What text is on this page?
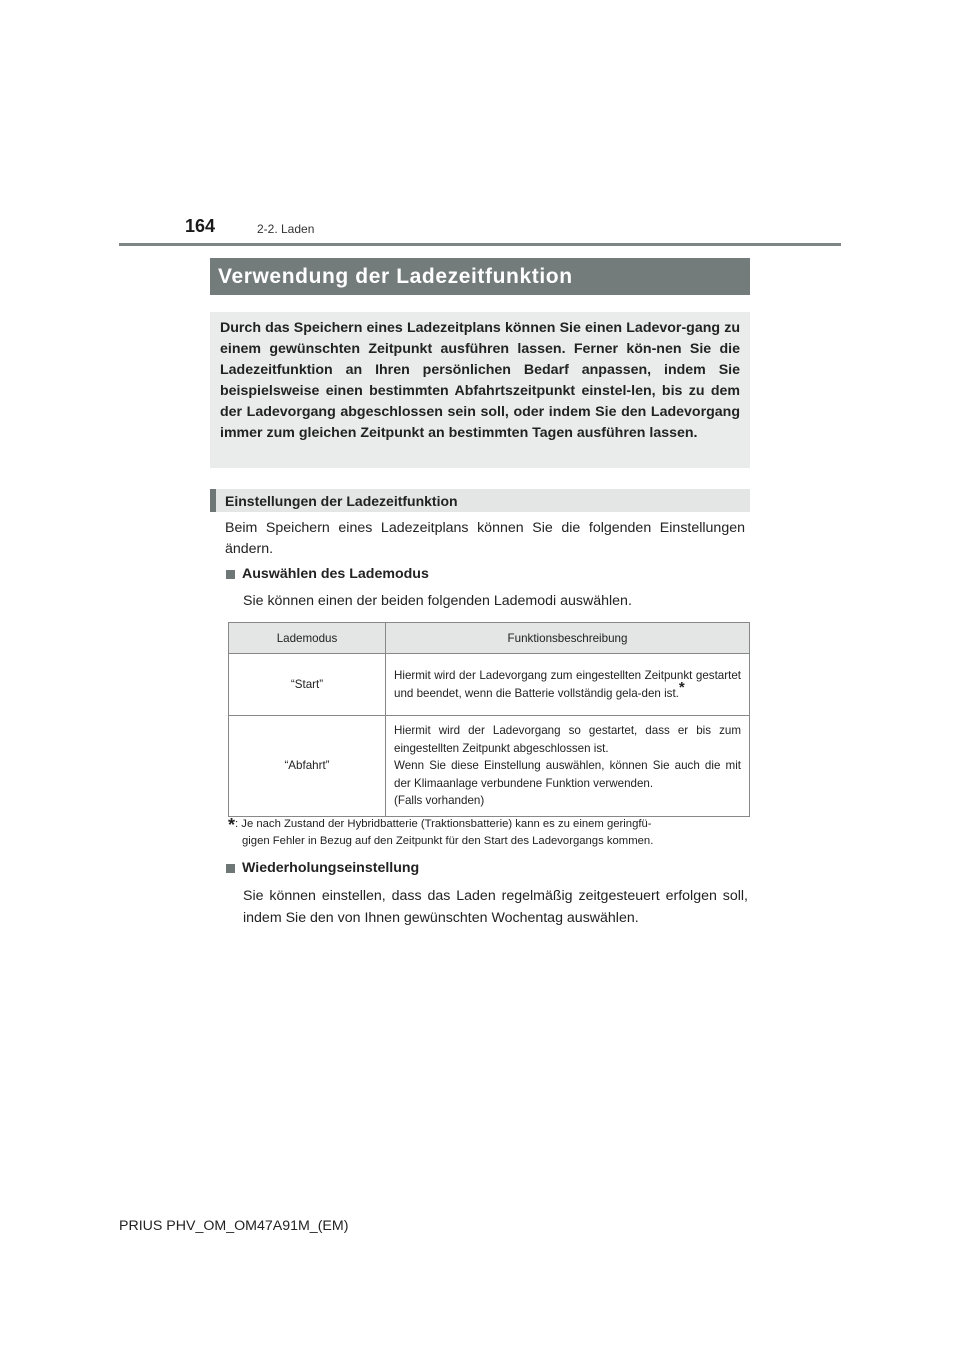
164	2-2. Laden
Verwendung der Ladezeitfunktion

Durch das Speichern eines Ladezeitplans können Sie einen Ladevor-gang zu einem gewünschten Zeitpunkt ausführen lassen. Ferner kön-nen Sie die Ladezeitfunktion an Ihren persönlichen Bedarf anpassen, indem Sie beispielsweise einen bestimmten Abfahrtszeitpunkt einstel-len, bis zu dem der Ladevorgang abgeschlossen sein soll, oder indem Sie den Ladevorgang immer zum gleichen Zeitpunkt an bestimmten Tagen ausführen lassen.

Einstellungen der Ladezeitfunktion

Beim Speichern eines Ladezeitplans können Sie die folgenden Einstellungen ändern.

Auswählen des Lademodus

Sie können einen der beiden folgenden Lademodi auswählen.

Lademodus	Funktionsbeschreibung
“Start”	Hiermit wird der Ladevorgang zum eingestellten Zeitpunkt gestartet und beendet, wenn die Batterie vollständig gela-den ist.*
“Abfahrt”	Hiermit wird der Ladevorgang so gestartet, dass er bis zum eingestellten Zeitpunkt abgeschlossen ist.
Wenn Sie diese Einstellung auswählen, können Sie auch die mit der Klimaanlage verbundene Funktion verwenden.
(Falls vorhanden)
*: Je nach Zustand der Hybridbatterie (Traktionsbatterie) kann es zu einem geringfü-
gigen Fehler in Bezug auf den Zeitpunkt für den Start des Ladevorgangs kommen.
Wiederholungseinstellung

Sie können einstellen, dass das Laden regelmäßig zeitgesteuert erfolgen soll, indem Sie den von Ihnen gewünschten Wochentag auswählen.

PRIUS PHV_OM_OM47A91M_(EM)
